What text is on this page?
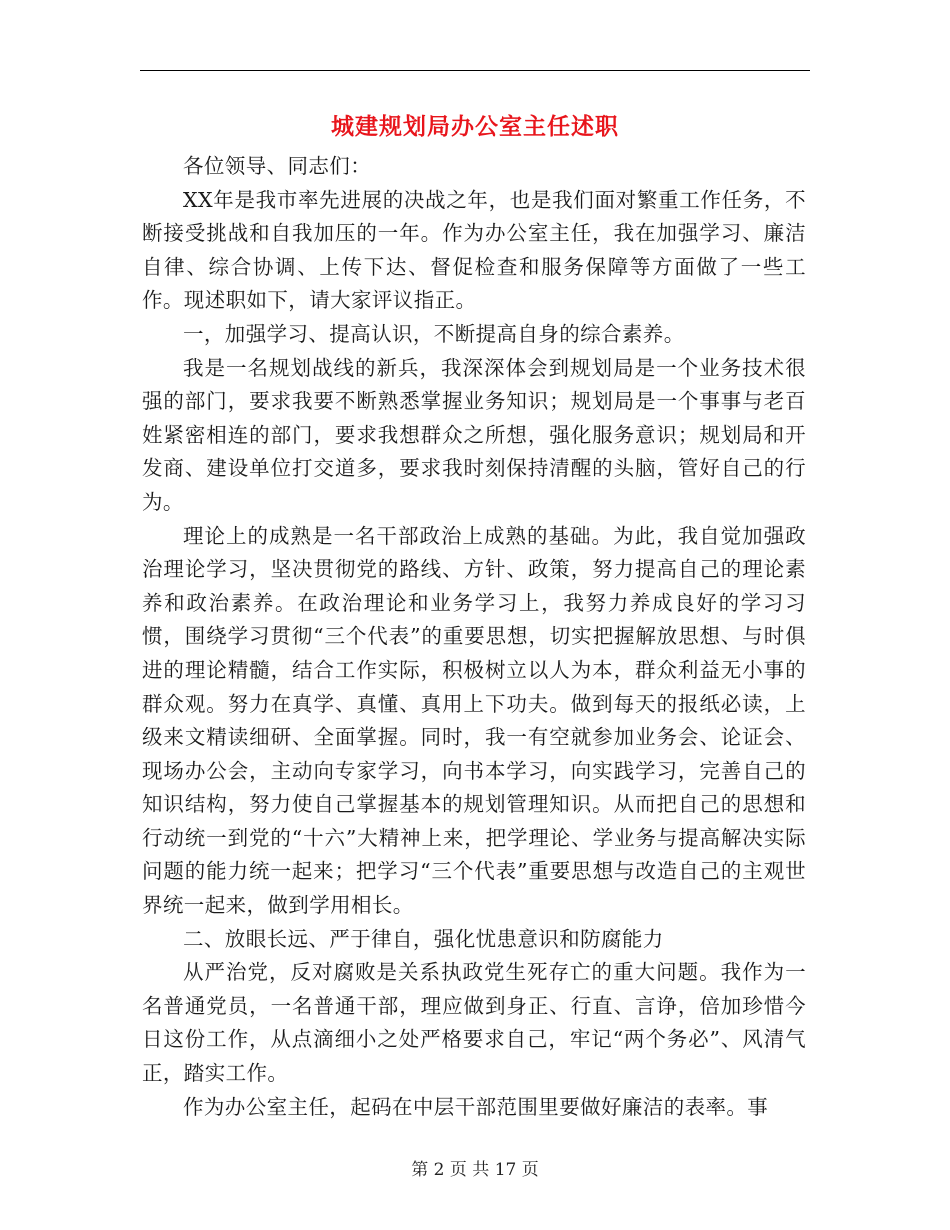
城建规划局办公室主任述职

各位领导、同志们：

XX年是我市率先进展的决战之年，也是我们面对繁重工作任务，不断接受挑战和自我加压的一年。作为办公室主任，我在加强学习、廉洁自律、综合协调、上传下达、督促检查和服务保障等方面做了一些工作。现述职如下，请大家评议指正。

一，加强学习、提高认识，不断提高自身的综合素养。

我是一名规划战线的新兵，我深深体会到规划局是一个业务技术很强的部门，要求我要不断熟悉掌握业务知识；规划局是一个事事与老百姓紧密相连的部门，要求我想群众之所想，强化服务意识；规划局和开发商、建设单位打交道多，要求我时刻保持清醒的头脑，管好自己的行为。

理论上的成熟是一名干部政治上成熟的基础。为此，我自觉加强政治理论学习，坚决贯彻党的路线、方针、政策，努力提高自己的理论素养和政治素养。在政治理论和业务学习上，我努力养成良好的学习习惯，围绕学习贯彻“三个代表”的重要思想，切实把握解放思想、与时俱进的理论精髓，结合工作实际，积极树立以人为本，群众利益无小事的群众观。努力在真学、真懂、真用上下功夫。做到每天的报纸必读，上级来文精读细研、全面掌握。同时，我一有空就参加业务会、论证会、现场办公会，主动向专家学习，向书本学习，向实践学习，完善自己的知识结构，努力使自己掌握基本的规划管理知识。从而把自己的思想和行动统一到党的“十六”大精神上来，把学理论、学业务与提高解决实际问题的能力统一起来；把学习“三个代表”重要思想与改造自己的主观世界统一起来，做到学用相长。

二、放眼长远、严于律自，强化忧患意识和防腐能力

从严治党，反对腐败是关系执政党生死存亡的重大问题。我作为一名普通党员，一名普通干部，理应做到身正、行直、言诤，倍加珍惜今日这份工作，从点滴细小之处严格要求自己，牢记“两个务必”、风清气正，踏实工作。

作为办公室主任，起码在中层干部范围里要做好廉洁的表率。事

第 2 页 共 17 页
